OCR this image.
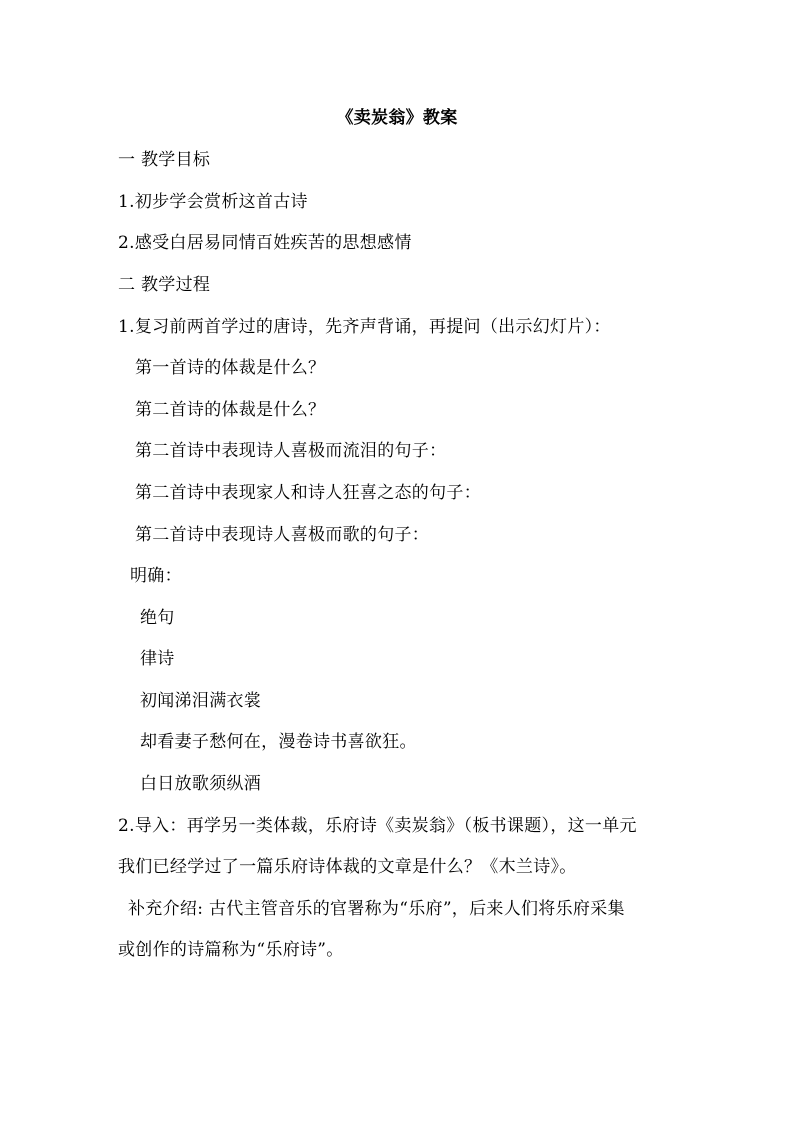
《卖炭翁》教案
一 教学目标
1.初步学会赏析这首古诗
2.感受白居易同情百姓疾苦的思想感情
二 教学过程
1.复习前两首学过的唐诗，先齐声背诵，再提问（出示幻灯片）：
第一首诗的体裁是什么？
第二首诗的体裁是什么？
第二首诗中表现诗人喜极而流泪的句子：
第二首诗中表现家人和诗人狂喜之态的句子：
第二首诗中表现诗人喜极而歌的句子：
明确：
绝句
律诗
初闻涕泪满衣裳
却看妻子愁何在，漫卷诗书喜欲狂。
白日放歌须纵酒
2.导入：再学另一类体裁，乐府诗《卖炭翁》（板书课题），这一单元
我们已经学过了一篇乐府诗体裁的文章是什么？《木兰诗》。
补充介绍: 古代主管音乐的官署称为“乐府”，后来人们将乐府采集
或创作的诗篇称为“乐府诗”。
